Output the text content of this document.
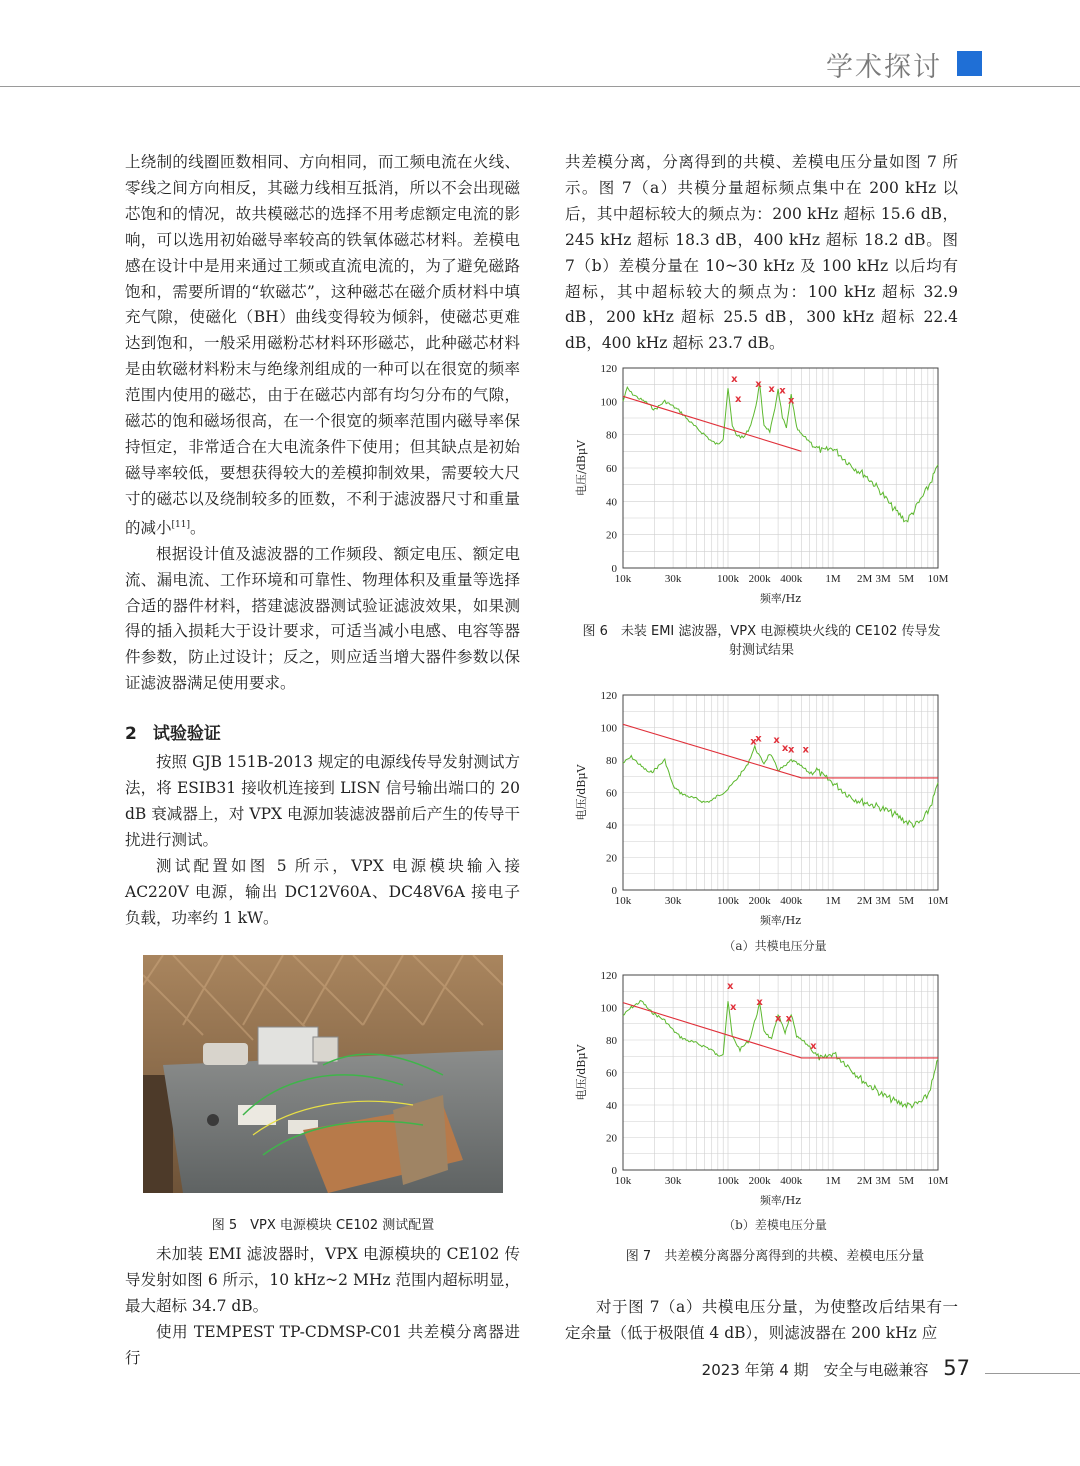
学术探讨

上绕制的线圈匝数相同、方向相同，而工频电流在火线、零线之间方向相反，其磁力线相互抵消，所以不会出现磁芯饱和的情况，故共模磁芯的选择不用考虑额定电流的影响，可以选用初始磁导率较高的铁氧体磁芯材料。差模电感在设计中是用来通过工频或直流电流的，为了避免磁路饱和，需要所谓的“软磁芯”，这种磁芯在磁介质材料中填充气隙，使磁化（BH）曲线变得较为倾斜，使磁芯更难达到饱和，一般采用磁粉芯材料环形磁芯，此种磁芯材料是由软磁材料粉末与绝缘剂组成的一种可以在很宽的频率范围内使用的磁芯，由于在磁芯内部有均匀分布的气隙，磁芯的饱和磁场很高，在一个很宽的频率范围内磁导率保持恒定，非常适合在大电流条件下使用；但其缺点是初始磁导率较低，要想获得较大的差模抑制效果，需要较大尺寸的磁芯以及绕制较多的匝数，不利于滤波器尺寸和重量的减小[11]。

根据设计值及滤波器的工作频段、额定电压、额定电流、漏电流、工作环境和可靠性、物理体积及重量等选择合适的器件材料，搭建滤波器测试验证滤波效果，如果测得的插入损耗大于设计要求，可适当减小电感、电容等器件参数，防止过设计；反之，则应适当增大器件参数以保证滤波器满足使用要求。

2 试验验证

按照 GJB 151B-2013 规定的电源线传导发射测试方法，将 ESIB31 接收机连接到 LISN 信号输出端口的 20 dB 衰减器上，对 VPX 电源加装滤波器前后产生的传导干扰进行测试。

测试配置如图 5 所示，VPX 电源模块输入接 AC220V 电源，输出 DC12V60A、DC48V6A 接电子负载，功率约 1 kW。

图 5　VPX 电源模块 CE102 测试配置

未加装 EMI 滤波器时，VPX 电源模块的 CE102 传导发射如图 6 所示，10 kHz~2 MHz 范围内超标明显，最大超标 34.7 dB。

使用 TEMPEST TP-CDMSP-C01 共差模分离器进行

共差模分离，分离得到的共模、差模电压分量如图 7 所示。图 7（a）共模分量超标频点集中在 200 kHz 以后，其中超标较大的频点为：200 kHz 超标 15.6 dB，245 kHz 超标 18.3 dB，400 kHz 超标 18.2 dB。图 7（b）差模分量在 10~30 kHz 及 100 kHz 以后均有超标，其中超标较大的频点为：100 kHz 超标 32.9 dB，200 kHz 超标 25.5 dB，300 kHz 超标 22.4 dB，400 kHz 超标 23.7 dB。

0
20
40
60
80
100
120
10k	30k	100k 200k 400k 1M 2M 3M 5M 10M
频率/Hz
电压/dBμV
x
x
x x x
x
图 6　未装 EMI 滤波器，VPX 电源模块火线的 CE102 传导发
射测试结果
0
20
40
60
80
100
120
10k	30k	100k 200k 400k 1M 2M 3M 5M 10M
频率/Hz
电压/dBμV
x
x x
x x x
（a）共模电压分量
0
20
40
60
80
100
120
10k	30k	100k 200k 400k 1M 2M 3M 5M 10M
频率/Hz
电压/dBμV
x
x x
x x
x
（b）差模电压分量
图 7　共差模分离器分离得到的共模、差模电压分量

对于图 7（a）共模电压分量，为使整改后结果有一定余量（低于极限值 4 dB），则滤波器在 200 kHz 应

2023 年第 4 期 安全与电磁兼容 57
